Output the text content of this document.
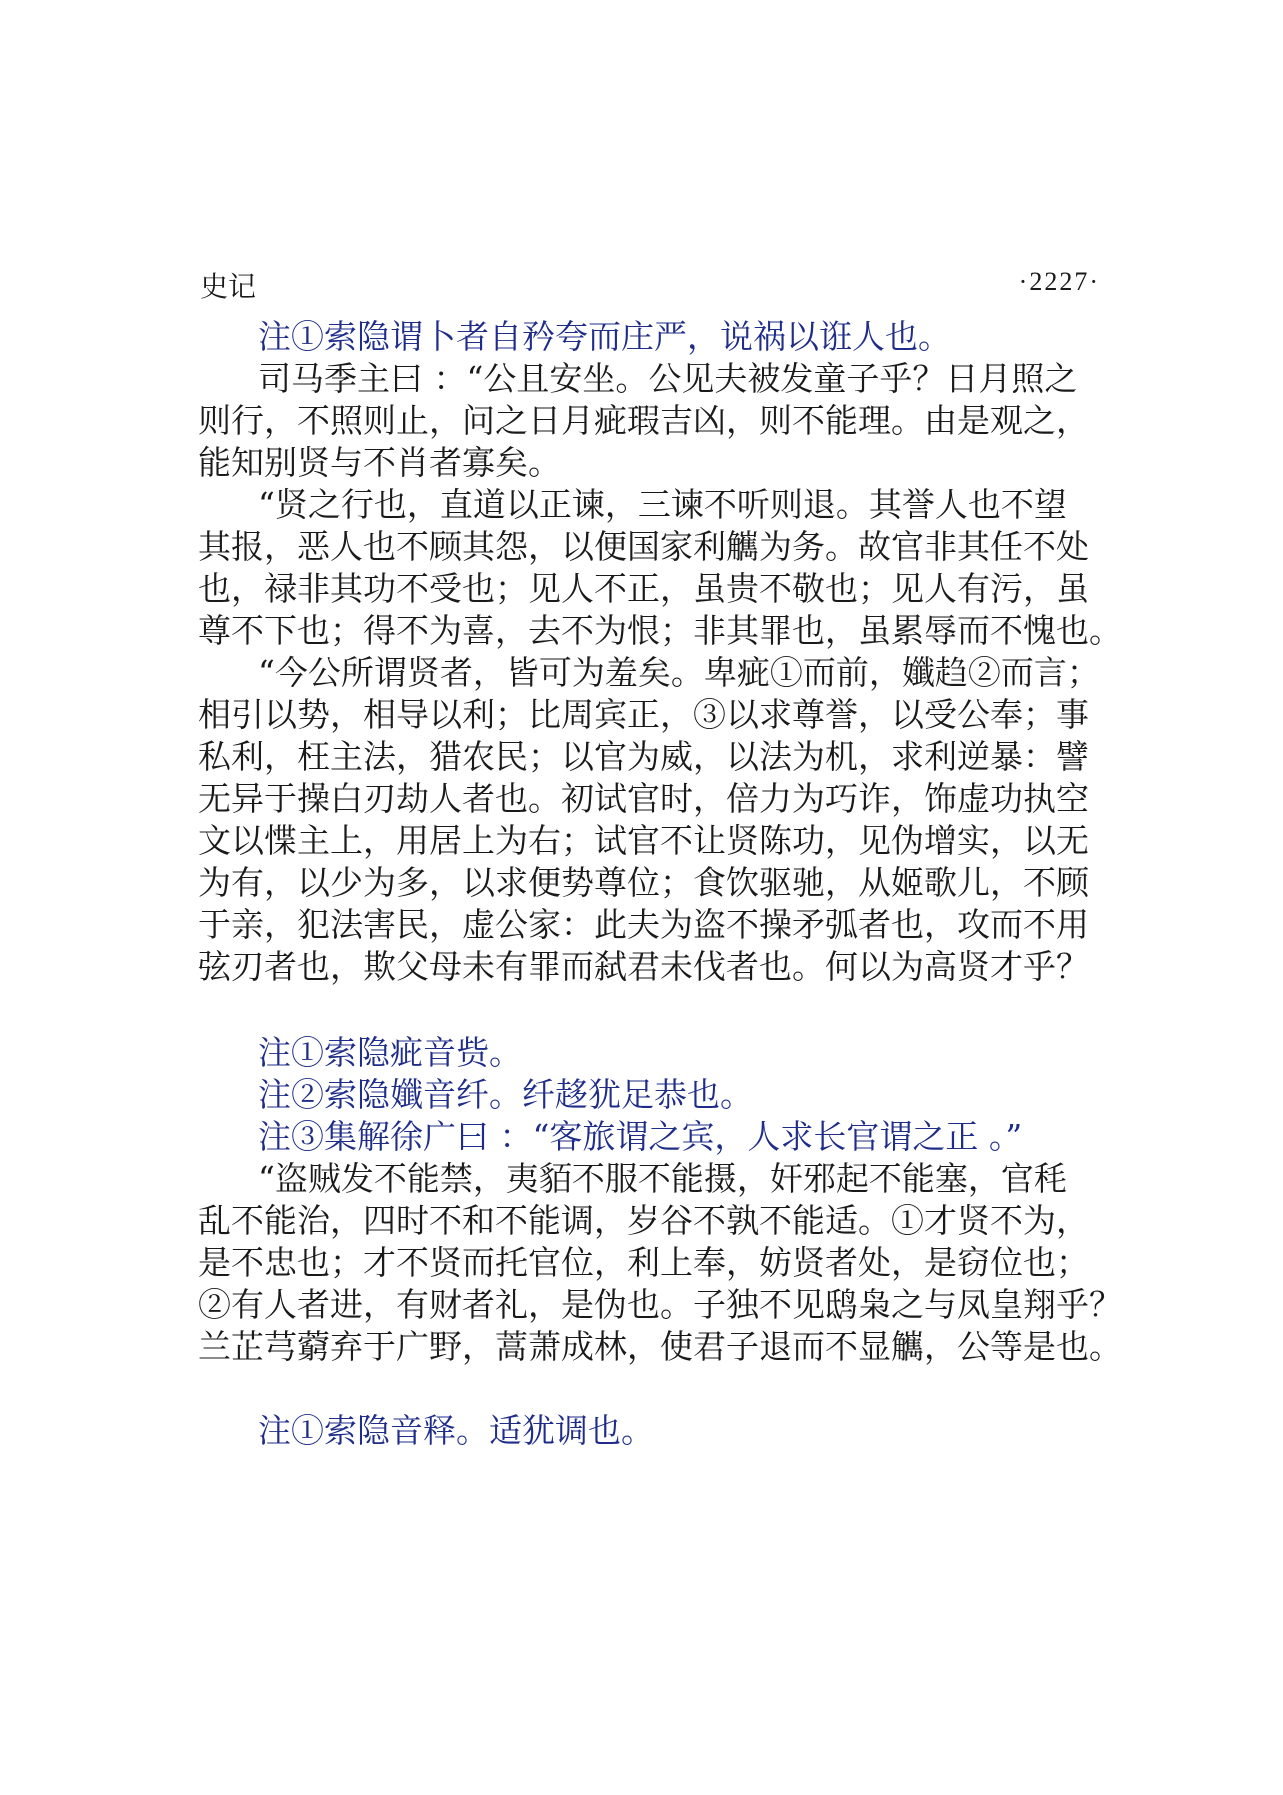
史记	·2227·
注①索隐谓卜者自矜夸而庄严，说祸以诳人也。
司马季主曰 ：“公且安坐。公见夫被发童子乎？日月照之
则行，不照则止，问之日月疵瑕吉凶，则不能理。由是观之，
能知别贤与不肖者寡矣。
“贤之行也，直道以正谏，三谏不听则退。其誉人也不望
其报，恶人也不顾其怨，以便国家利觽为务。故官非其任不处
也，禄非其功不受也；见人不正，虽贵不敬也；见人有污，虽
尊不下也；得不为喜，去不为恨；非其罪也，虽累辱而不愧也。
“今公所谓贤者，皆可为羞矣。卑疵①而前，孅趋②而言；
相引以势，相导以利；比周宾正，③以求尊誉，以受公奉；事
私利，枉主法，猎农民；以官为威，以法为机，求利逆暴：譬
无异于操白刃劫人者也。初试官时，倍力为巧诈，饰虚功执空
文以惵主上，用居上为右；试官不让贤陈功，见伪增实，以无
为有，以少为多，以求便势尊位；食饮驱驰，从姬歌儿，不顾
于亲，犯法害民，虚公家：此夫为盗不操矛弧者也，攻而不用
弦刃者也，欺父母未有罪而弑君未伐者也。何以为高贤才乎？
注①索隐疵音赀。
注②索隐孅音纤。纤趍犹足恭也。
注③集解徐广曰 ：“客旅谓之宾，人求长官谓之正 。”
“盗贼发不能禁，夷貊不服不能摄，奸邪起不能塞，官秏
乱不能治，四时不和不能调，岁谷不孰不能适。①才贤不为，
是不忠也；才不贤而托官位，利上奉，妨贤者处，是窃位也；
②有人者进，有财者礼，是伪也。子独不见鸱枭之与凤皇翔乎？
兰芷芎藭弃于广野，蒿萧成林，使君子退而不显觽，公等是也。
注①索隐音释。适犹调也。
